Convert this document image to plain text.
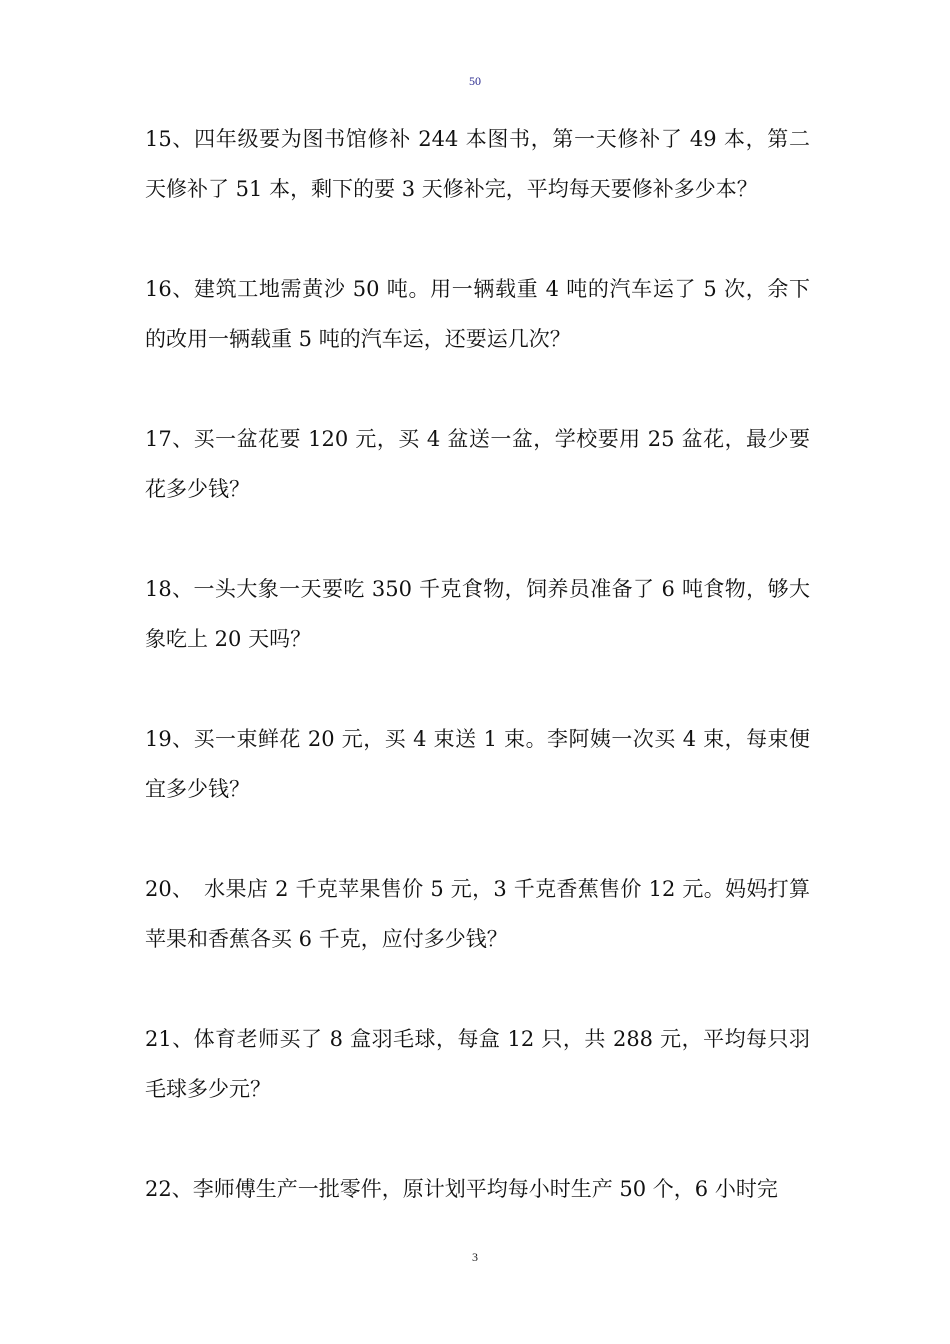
50

15、四年级要为图书馆修补 244 本图书，第一天修补了 49 本，第二天修补了 51 本，剩下的要 3 天修补完，平均每天要修补多少本？

16、建筑工地需黄沙 50 吨。用一辆载重 4 吨的汽车运了 5 次，余下的改用一辆载重 5 吨的汽车运，还要运几次？

17、买一盆花要 120 元，买 4 盆送一盆，学校要用 25 盆花，最少要花多少钱？

18、一头大象一天要吃 350 千克食物，饲养员准备了 6 吨食物，够大象吃上 20 天吗？

19、买一束鲜花 20 元，买 4 束送 1 束。李阿姨一次买 4 束，每束便宜多少钱？

20、　水果店 2 千克苹果售价 5 元，3 千克香蕉售价 12 元。妈妈打算苹果和香蕉各买 6 千克，应付多少钱？

21、体育老师买了 8 盒羽毛球，每盒 12 只，共 288 元，平均每只羽毛球多少元？

22、李师傅生产一批零件，原计划平均每小时生产 50 个，6 小时完

3
